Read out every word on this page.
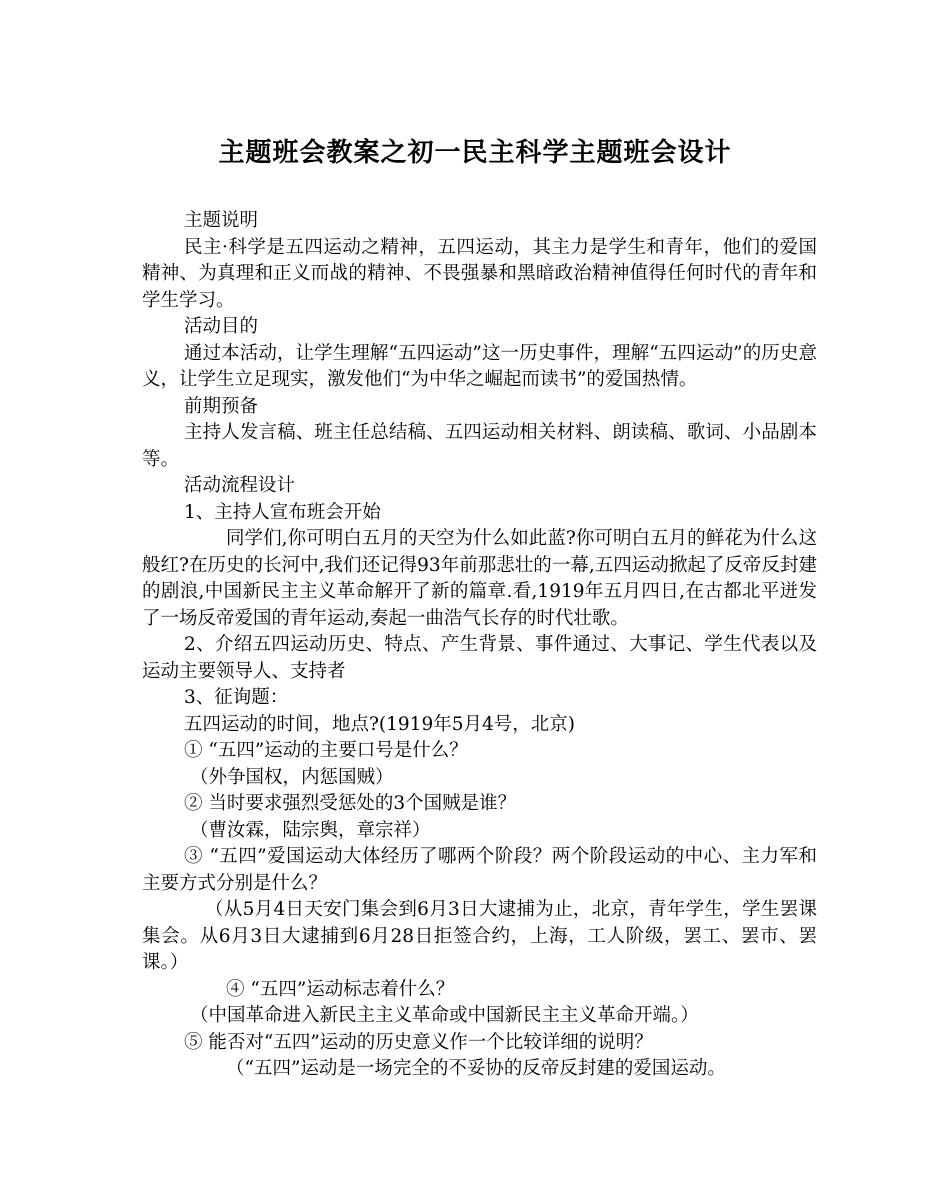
主题班会教案之初一民主科学主题班会设计

主题说明

民主·科学是五四运动之精神，五四运动，其主力是学生和青年，他们的爱国精神、为真理和正义而战的精神、不畏强暴和黑暗政治精神值得任何时代的青年和学生学习。

活动目的

通过本活动，让学生理解“五四运动”这一历史事件，理解“五四运动”的历史意义，让学生立足现实，激发他们“为中华之崛起而读书”的爱国热情。

前期预备

主持人发言稿、班主任总结稿、五四运动相关材料、朗读稿、歌词、小品剧本等。

活动流程设计

1、主持人宣布班会开始

同学们,你可明白五月的天空为什么如此蓝?你可明白五月的鲜花为什么这般红?在历史的长河中,我们还记得93年前那悲壮的一幕,五四运动掀起了反帝反封建的剧浪,中国新民主主义革命解开了新的篇章.看,1919年五月四日,在古都北平迸发了一场反帝爱国的青年运动,奏起一曲浩气长存的时代壮歌。

2、介绍五四运动历史、特点、产生背景、事件通过、大事记、学生代表以及运动主要领导人、支持者

3、征询题：

五四运动的时间，地点?(1919年5月4号，北京)

① “五四”运动的主要口号是什么？

（外争国权，内惩国贼）

② 当时要求强烈受惩处的3个国贼是谁？

（曹汝霖，陆宗舆，章宗祥）

③ “五四”爱国运动大体经历了哪两个阶段？两个阶段运动的中心、主力军和主要方式分别是什么？

（从5月4日天安门集会到6月3日大逮捕为止，北京，青年学生，学生罢课集会。从6月3日大逮捕到6月28日拒签合约，上海，工人阶级，罢工、罢市、罢课。）

④ “五四”运动标志着什么？

（中国革命进入新民主主义革命或中国新民主主义革命开端。）

⑤ 能否对“五四”运动的历史意义作一个比较详细的说明？

（“五四”运动是一场完全的不妥协的反帝反封建的爱国运动。
